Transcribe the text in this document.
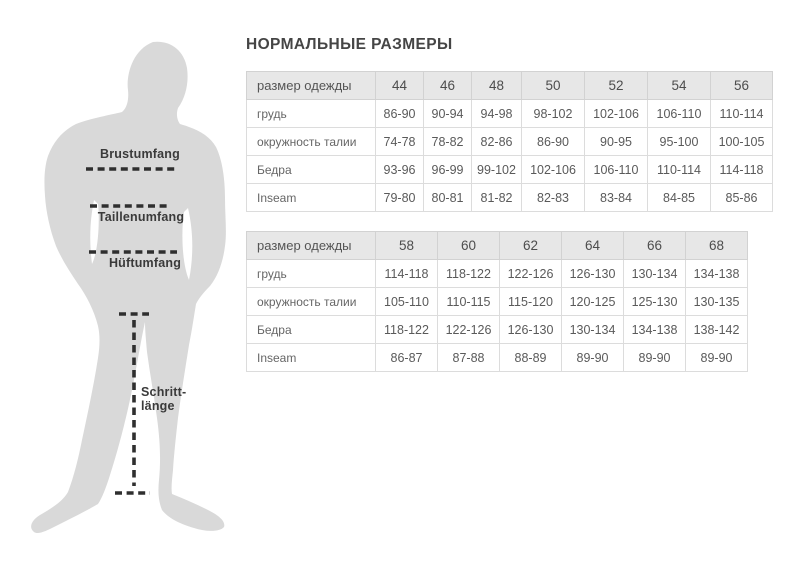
Brustumfang
Taillenumfang
Hüftumfang
Schritt-
länge
НОРМАЛЬНЫЕ РАЗМЕРЫ
размер одежды	44	46	48	50	52	54	56
грудь	86-90	90-94	94-98	98-102	102-106	106-110	110-114
окружность талии	74-78	78-82	82-86	86-90	90-95	95-100	100-105
Бедра	93-96	96-99	99-102	102-106	106-110	110-114	114-118
Inseam	79-80	80-81	81-82	82-83	83-84	84-85	85-86
размер одежды	58	60	62	64	66	68
грудь	114-118	118-122	122-126	126-130	130-134	134-138
окружность талии	105-110	110-115	115-120	120-125	125-130	130-135
Бедра	118-122	122-126	126-130	130-134	134-138	138-142
Inseam	86-87	87-88	88-89	89-90	89-90	89-90
